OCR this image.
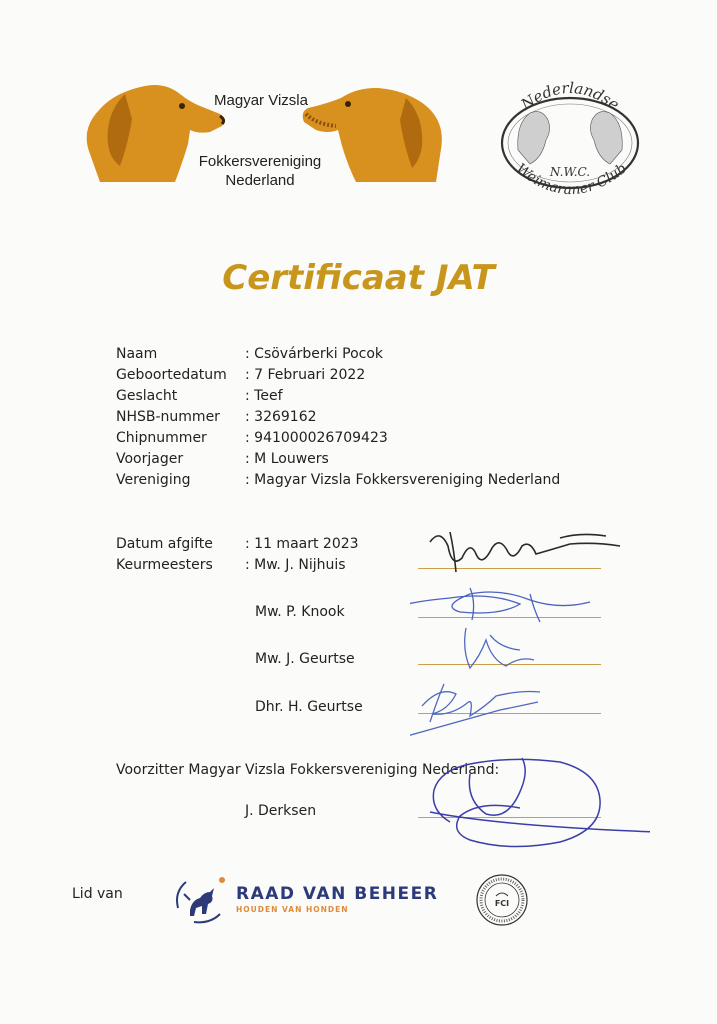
Magyar Vizsla
Fokkersvereniging
Nederland
Nederlandse
N.W.C.
Weimaraner Club
Certificaat JAT
Naam	: Csövárberki Pocok
Geboortedatum : 7 Februari 2022
Geslacht	: Teef
NHSB-nummer : 3269162
Chipnummer	: 941000026709423
Voorjager	: M Louwers
Vereniging	: Magyar Vizsla Fokkersvereniging Nederland
Datum afgifte : 11 maart 2023
Keurmeesters : Mw. J. Nijhuis
Mw. P. Knook
Mw. J. Geurtse
Dhr. H. Geurtse
Voorzitter Magyar Vizsla Fokkersvereniging Nederland:
J. Derksen
Lid van	RAAD VAN BEHEER
HOUDEN VAN HONDEN
FCI
